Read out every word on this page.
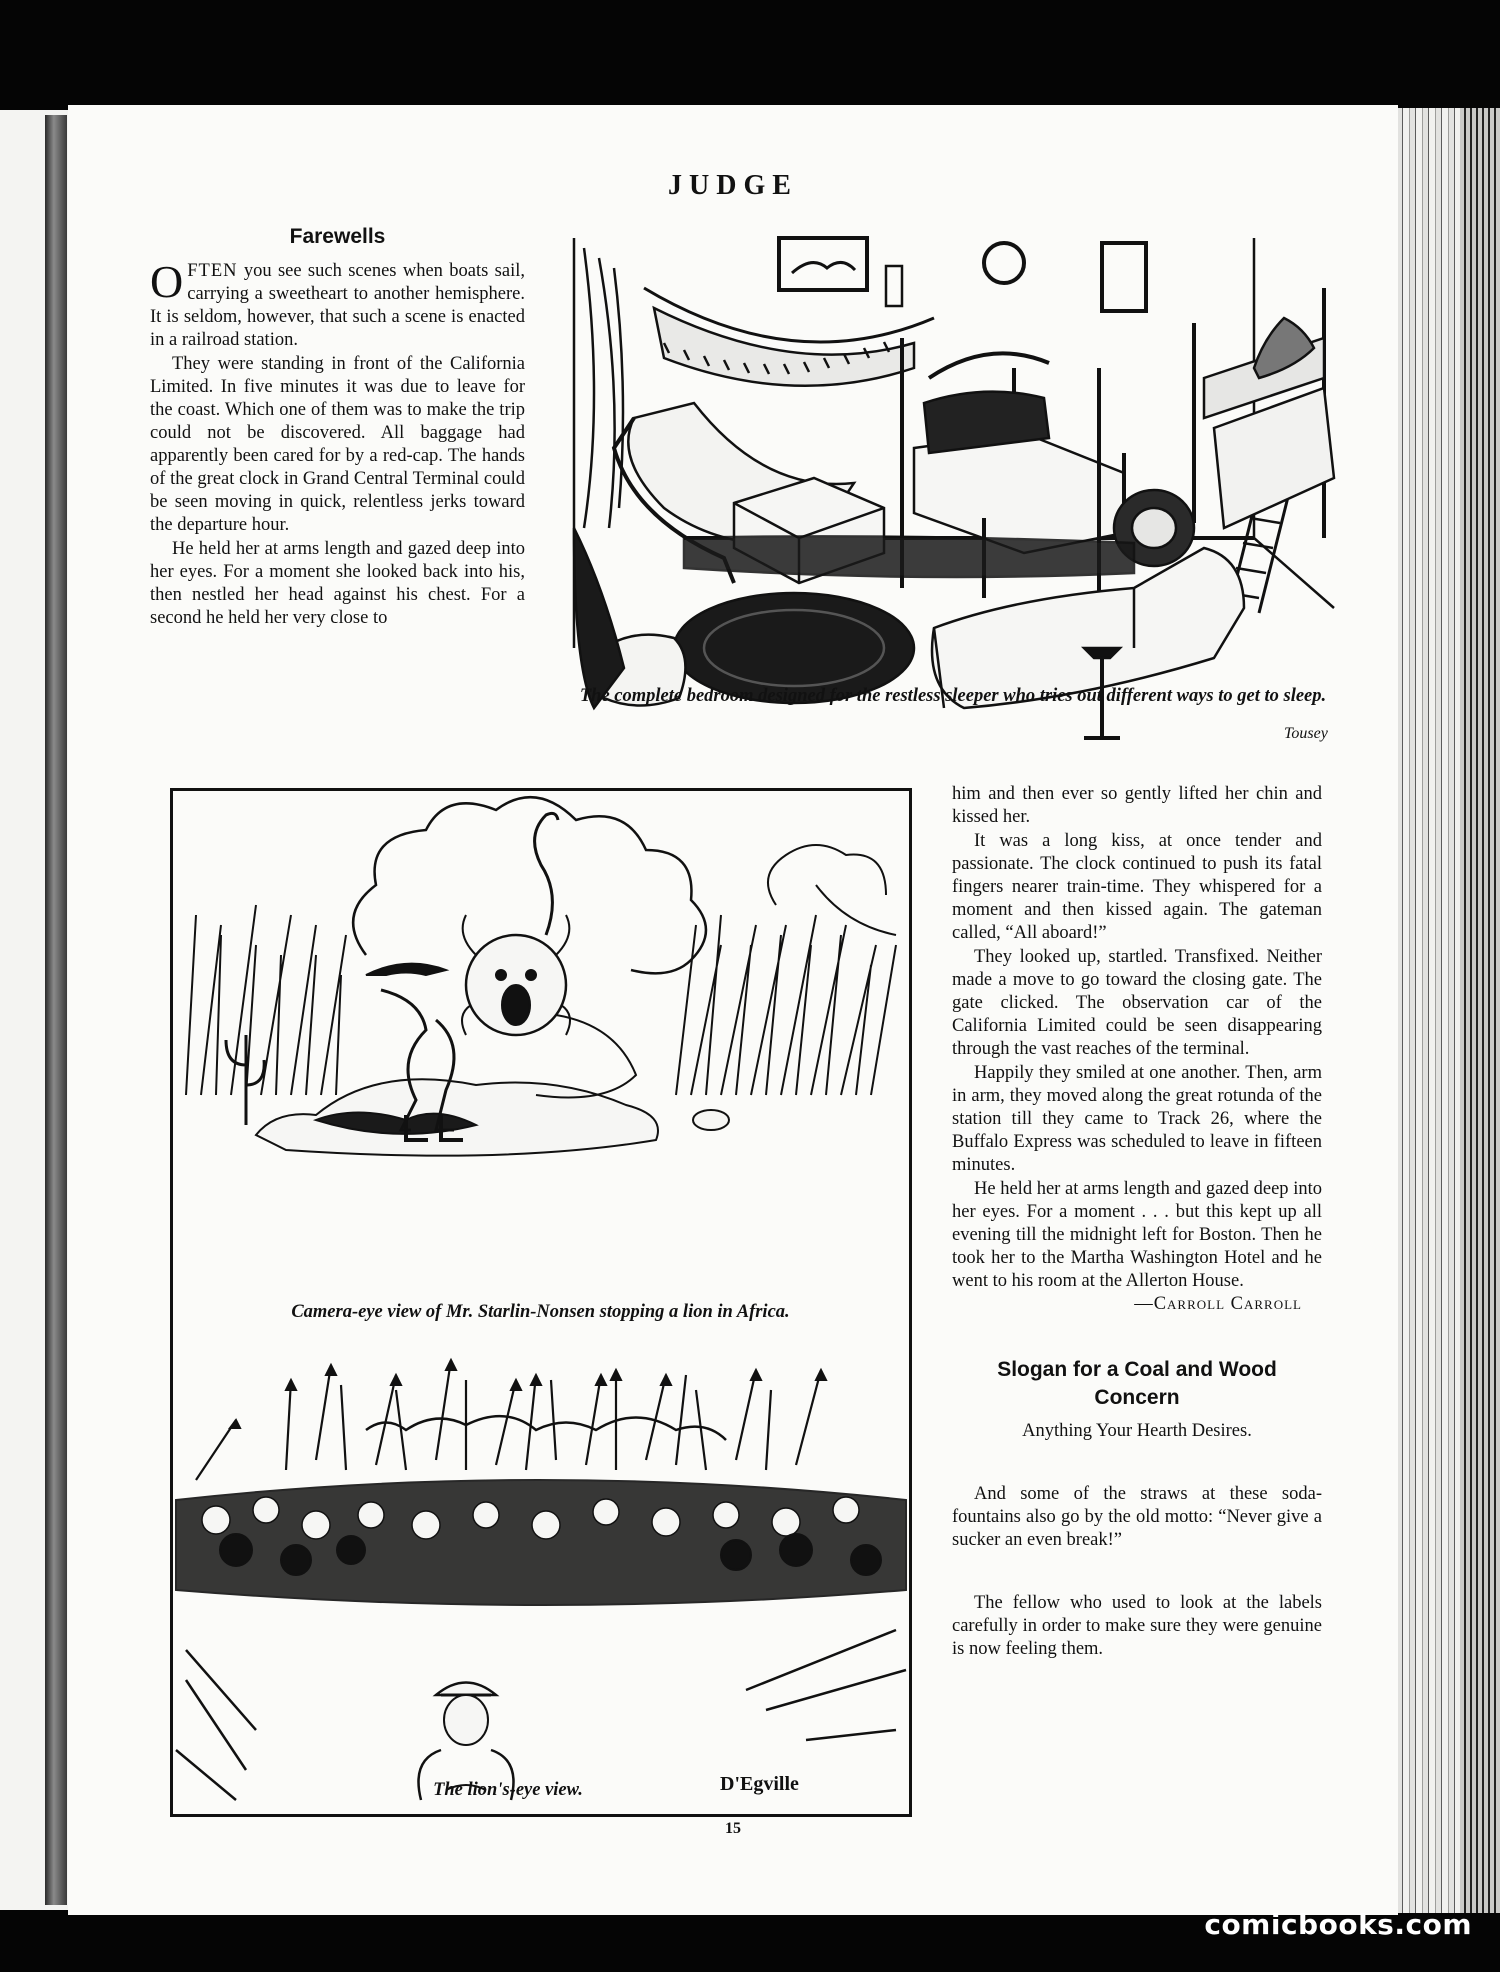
JUDGE
Farewells

OFTEN you see such scenes when boats sail, carrying a sweetheart to another hemisphere. It is seldom, however, that such a scene is enacted in a railroad station.

They were standing in front of the California Limited. In five minutes it was due to leave for the coast. Which one of them was to make the trip could not be discovered. All baggage had apparently been cared for by a red-cap. The hands of the great clock in Grand Central Terminal could be seen moving in quick, relentless jerks toward the departure hour.

He held her at arms length and gazed deep into her eyes. For a moment she looked back into his, then nestled her head against his chest. For a second he held her very close to

Tousey
The complete bedroom designed for the restless sleeper who tries out different ways to get to sleep.
Camera-eye view of Mr. Starlin-Nonsen stopping a lion in Africa.
The lion's-eye view.	D'Egville

him and then ever so gently lifted her chin and kissed her.

It was a long kiss, at once tender and passionate. The clock continued to push its fatal fingers nearer train-time. They whispered for a moment and then kissed again. The gateman called, “All aboard!”

They looked up, startled. Transfixed. Neither made a move to go toward the closing gate. The gate clicked. The observation car of the California Limited could be seen disappearing through the vast reaches of the terminal.

Happily they smiled at one another. Then, arm in arm, they moved along the great rotunda of the station till they came to Track 26, where the Buffalo Express was scheduled to leave in fifteen minutes.

He held her at arms length and gazed deep into her eyes. For a moment . . . but this kept up all evening till the midnight left for Boston. Then he took her to the Martha Washington Hotel and he went to his room at the Allerton House.

—Carroll Carroll
Slogan for a Coal and Wood Concern
Anything Your Hearth Desires.

And some of the straws at these soda-fountains also go by the old motto: “Never give a sucker an even break!”

The fellow who used to look at the labels carefully in order to make sure they were genuine is now feeling them.

15
comicbooks.com
